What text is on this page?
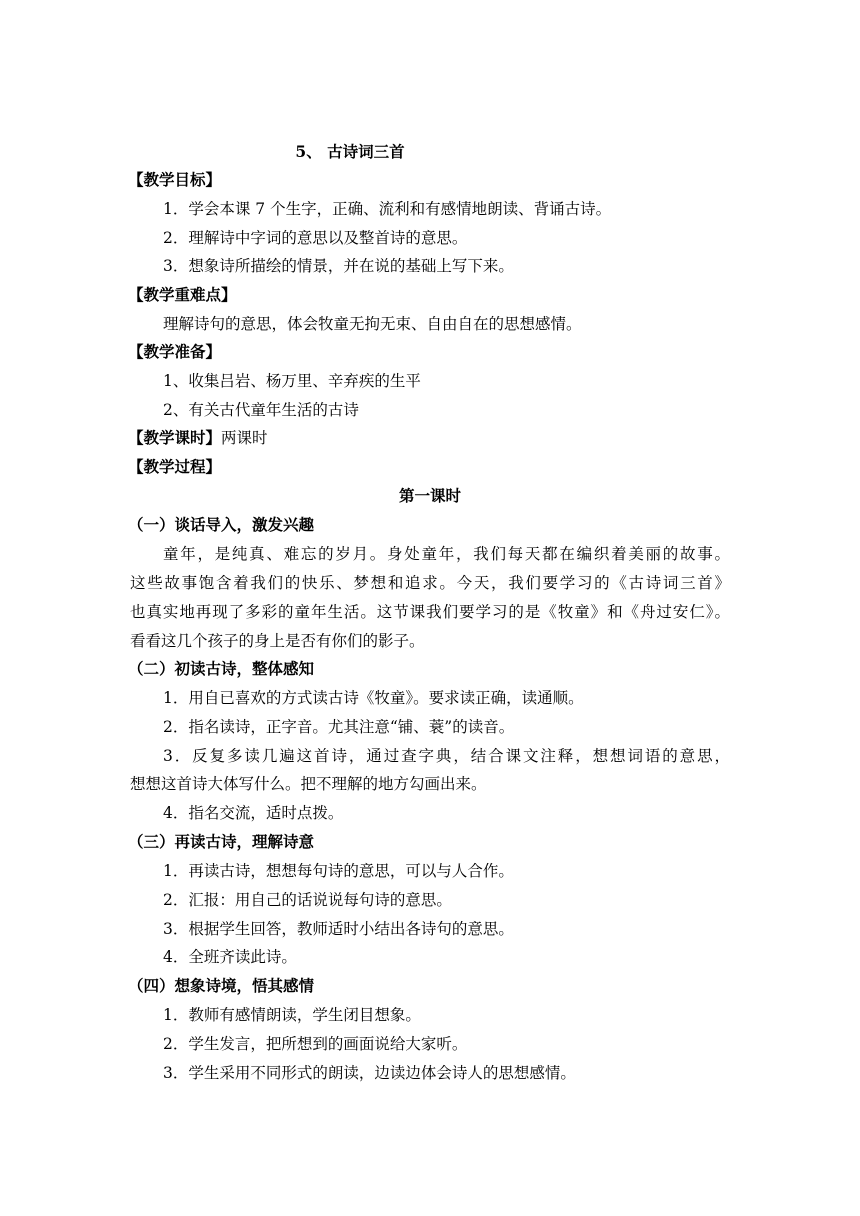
5、 古诗词三首
【教学目标】
1．学会本课 7 个生字，正确、流利和有感情地朗读、背诵古诗。
2．理解诗中字词的意思以及整首诗的意思。
3．想象诗所描绘的情景，并在说的基础上写下来。
【教学重难点】
理解诗句的意思，体会牧童无拘无束、自由自在的思想感情。
【教学准备】
1、收集吕岩、杨万里、辛弃疾的生平
2、有关古代童年生活的古诗
【教学课时】两课时
【教学过程】
第一课时
（一）谈话导入，激发兴趣
童年，是纯真、难忘的岁月。身处童年，我们每天都在编织着美丽的故事。
这些故事饱含着我们的快乐、梦想和追求。今天，我们要学习的《古诗词三首》
也真实地再现了多彩的童年生活。这节课我们要学习的是《牧童》和《舟过安仁》。
看看这几个孩子的身上是否有你们的影子。
（二）初读古诗，整体感知
1．用自已喜欢的方式读古诗《牧童》。要求读正确，读通顺。
2．指名读诗，正字音。尤其注意“铺、蓑”的读音。
3．反复多读几遍这首诗，通过查字典，结合课文注释，想想词语的意思，
想想这首诗大体写什么。把不理解的地方勾画出来。
4．指名交流，适时点拨。
（三）再读古诗，理解诗意
1．再读古诗，想想每句诗的意思，可以与人合作。
2．汇报：用自己的话说说每句诗的意思。
3．根据学生回答，教师适时小结出各诗句的意思。
4．全班齐读此诗。
（四）想象诗境，悟其感情
1．教师有感情朗读，学生闭目想象。
2．学生发言，把所想到的画面说给大家听。
3．学生采用不同形式的朗读，边读边体会诗人的思想感情。
